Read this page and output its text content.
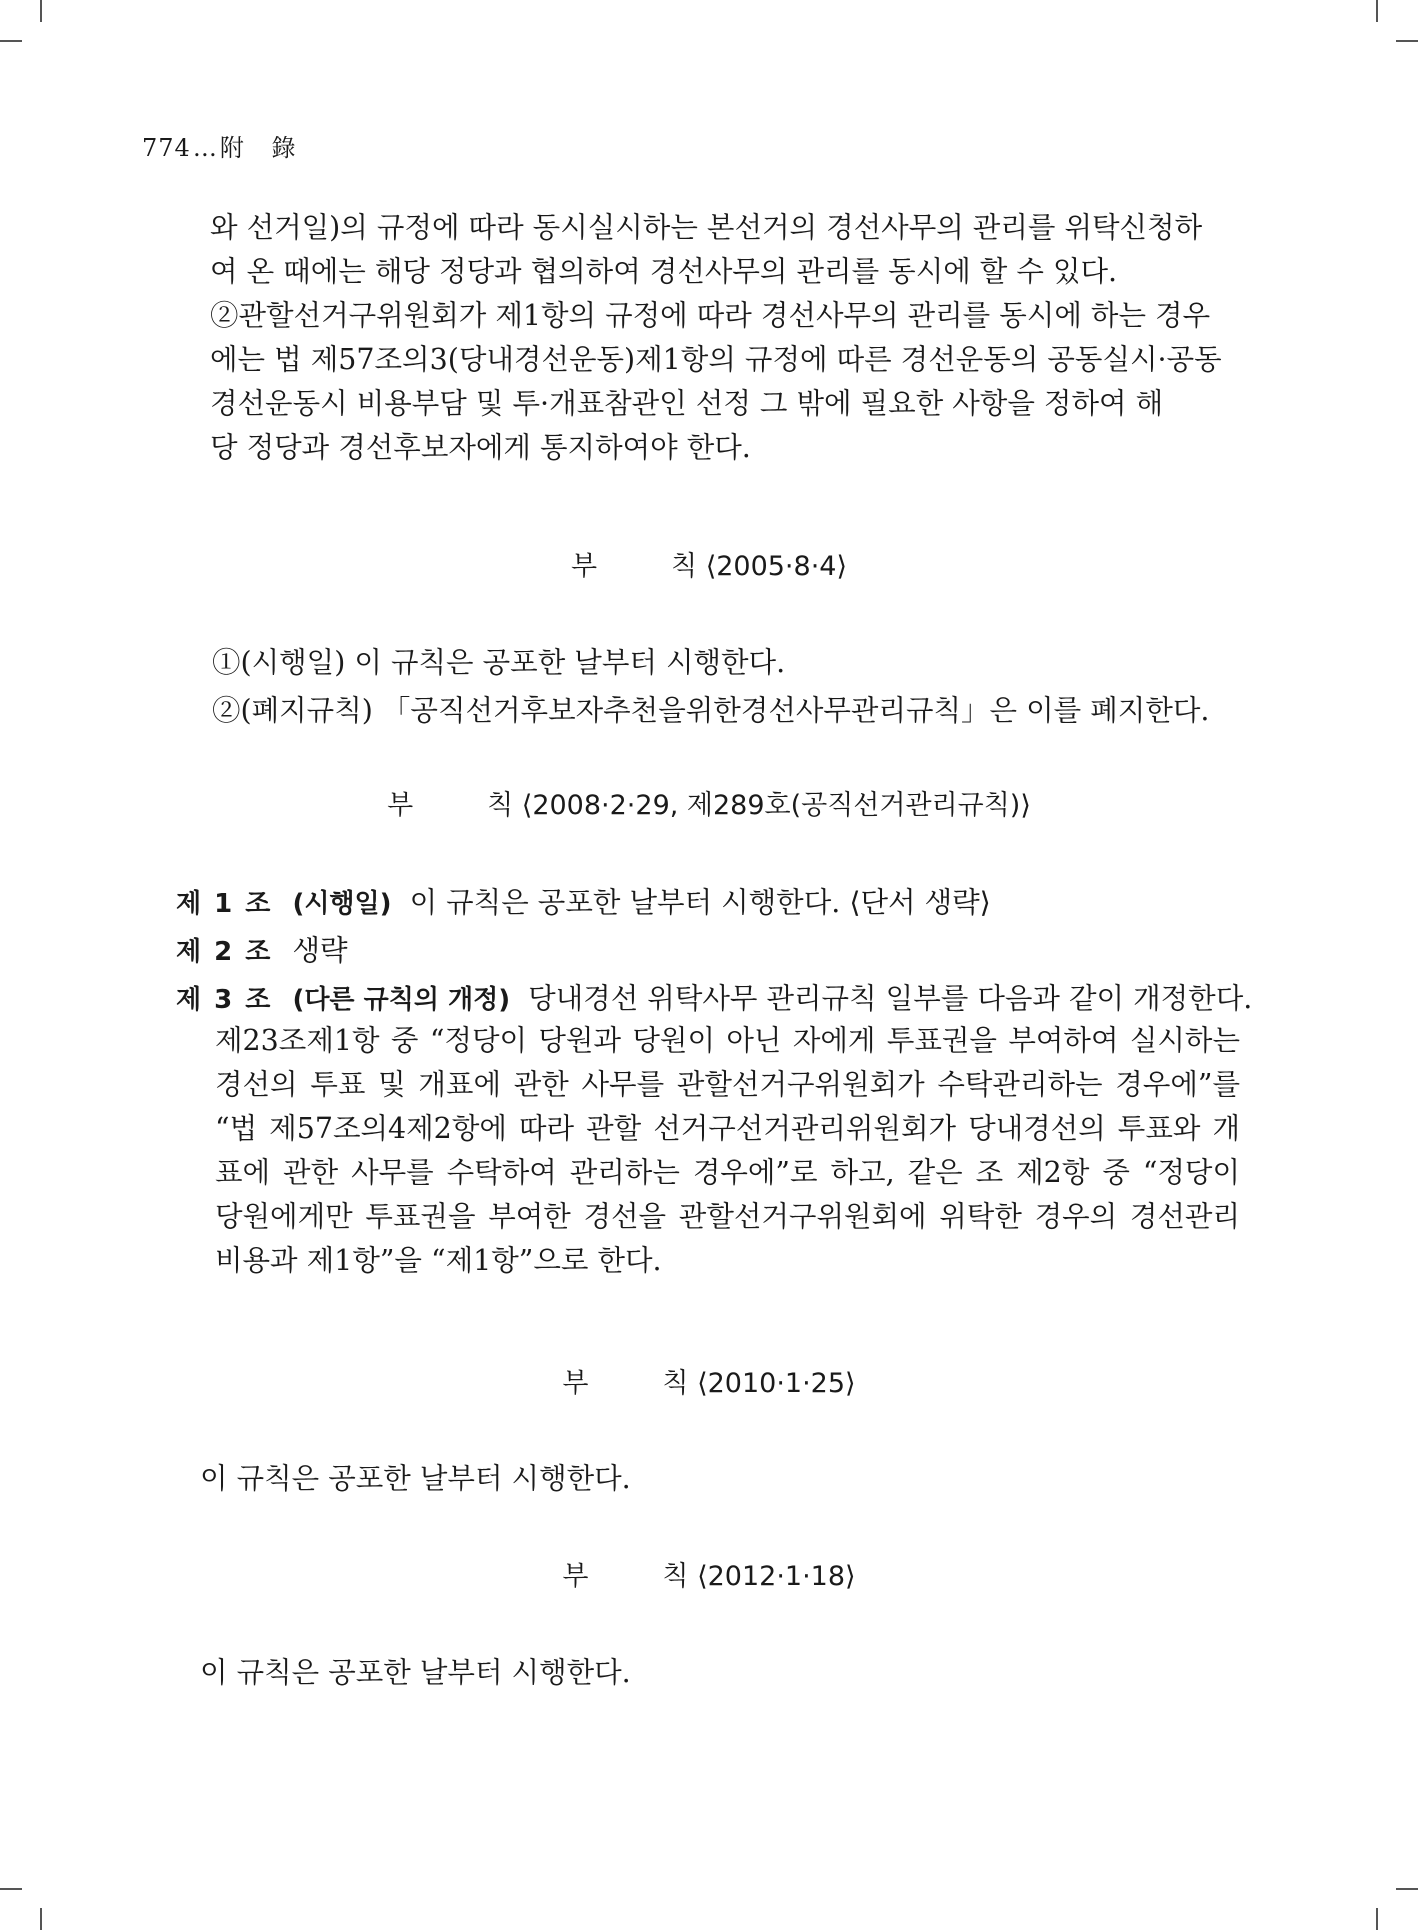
774…附 錄
와 선거일)의 규정에 따라 동시실시하는 본선거의 경선사무의 관리를 위탁신청하
여 온 때에는 해당 정당과 협의하여 경선사무의 관리를 동시에 할 수 있다.
②관할선거구위원회가 제1항의 규정에 따라 경선사무의 관리를 동시에 하는 경우
에는 법 제57조의3(당내경선운동)제1항의 규정에 따른 경선운동의 공동실시·공동
경선운동시 비용부담 및 투·개표참관인 선정 그 밖에 필요한 사항을 정하여 해
당 정당과 경선후보자에게 통지하여야 한다.
부	칙 ⟨2005·8·4⟩
①(시행일) 이 규칙은 공포한 날부터 시행한다.
②(폐지규칙) 「공직선거후보자추천을위한경선사무관리규칙」은 이를 폐지한다.
부	칙 ⟨2008·2·29, 제289호(공직선거관리규칙)⟩
제 1 조 (시행일) 이 규칙은 공포한 날부터 시행한다. ⟨단서 생략⟩
제 2 조 생략
제 3 조 (다른 규칙의 개정) 당내경선 위탁사무 관리규칙 일부를 다음과 같이 개정한다.
제23조제1항 중 “정당이 당원과 당원이 아닌 자에게 투표권을 부여하여 실시하는
경선의 투표 및 개표에 관한 사무를 관할선거구위원회가 수탁관리하는 경우에”를
“법 제57조의4제2항에 따라 관할 선거구선거관리위원회가 당내경선의 투표와 개
표에 관한 사무를 수탁하여 관리하는 경우에”로 하고, 같은 조 제2항 중 “정당이
당원에게만 투표권을 부여한 경선을 관할선거구위원회에 위탁한 경우의 경선관리
비용과 제1항”을 “제1항”으로 한다.
부	칙 ⟨2010·1·25⟩
이 규칙은 공포한 날부터 시행한다.
부	칙 ⟨2012·1·18⟩
이 규칙은 공포한 날부터 시행한다.
